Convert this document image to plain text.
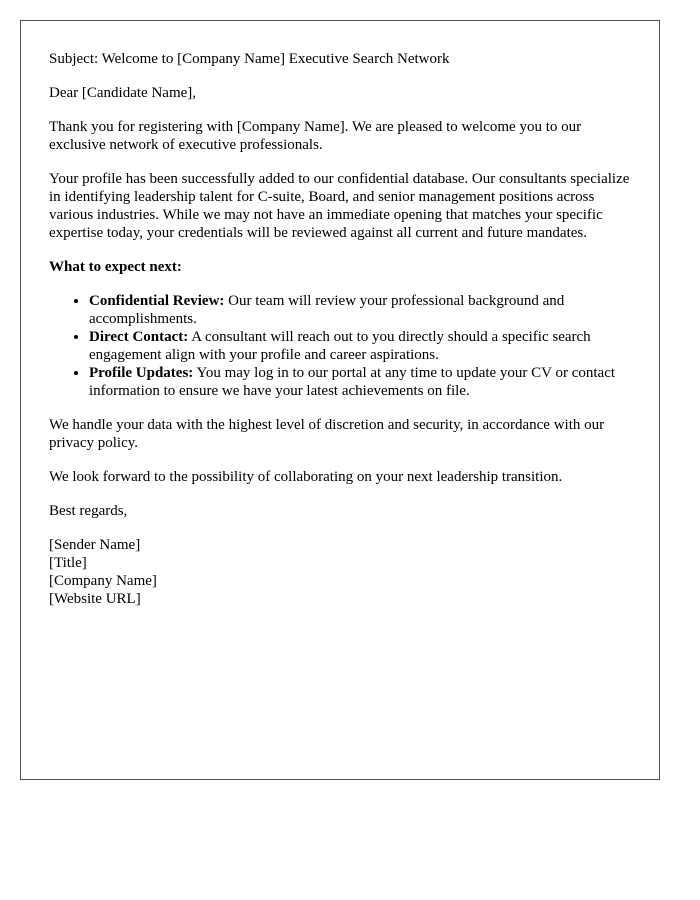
Subject: Welcome to [Company Name] Executive Search Network

Dear [Candidate Name],

Thank you for registering with [Company Name]. We are pleased to welcome you to our exclusive network of executive professionals.

Your profile has been successfully added to our confidential database. Our consultants specialize in identifying leadership talent for C-suite, Board, and senior management positions across various industries. While we may not have an immediate opening that matches your specific expertise today, your credentials will be reviewed against all current and future mandates.

What to expect next:

• Confidential Review: Our team will review your professional background and accomplishments.
• Direct Contact: A consultant will reach out to you directly should a specific search engagement align with your profile and career aspirations.
• Profile Updates: You may log in to our portal at any time to update your CV or contact information to ensure we have your latest achievements on file.

We handle your data with the highest level of discretion and security, in accordance with our privacy policy.

We look forward to the possibility of collaborating on your next leadership transition.

Best regards,

[Sender Name]
[Title]
[Company Name]
[Website URL]
